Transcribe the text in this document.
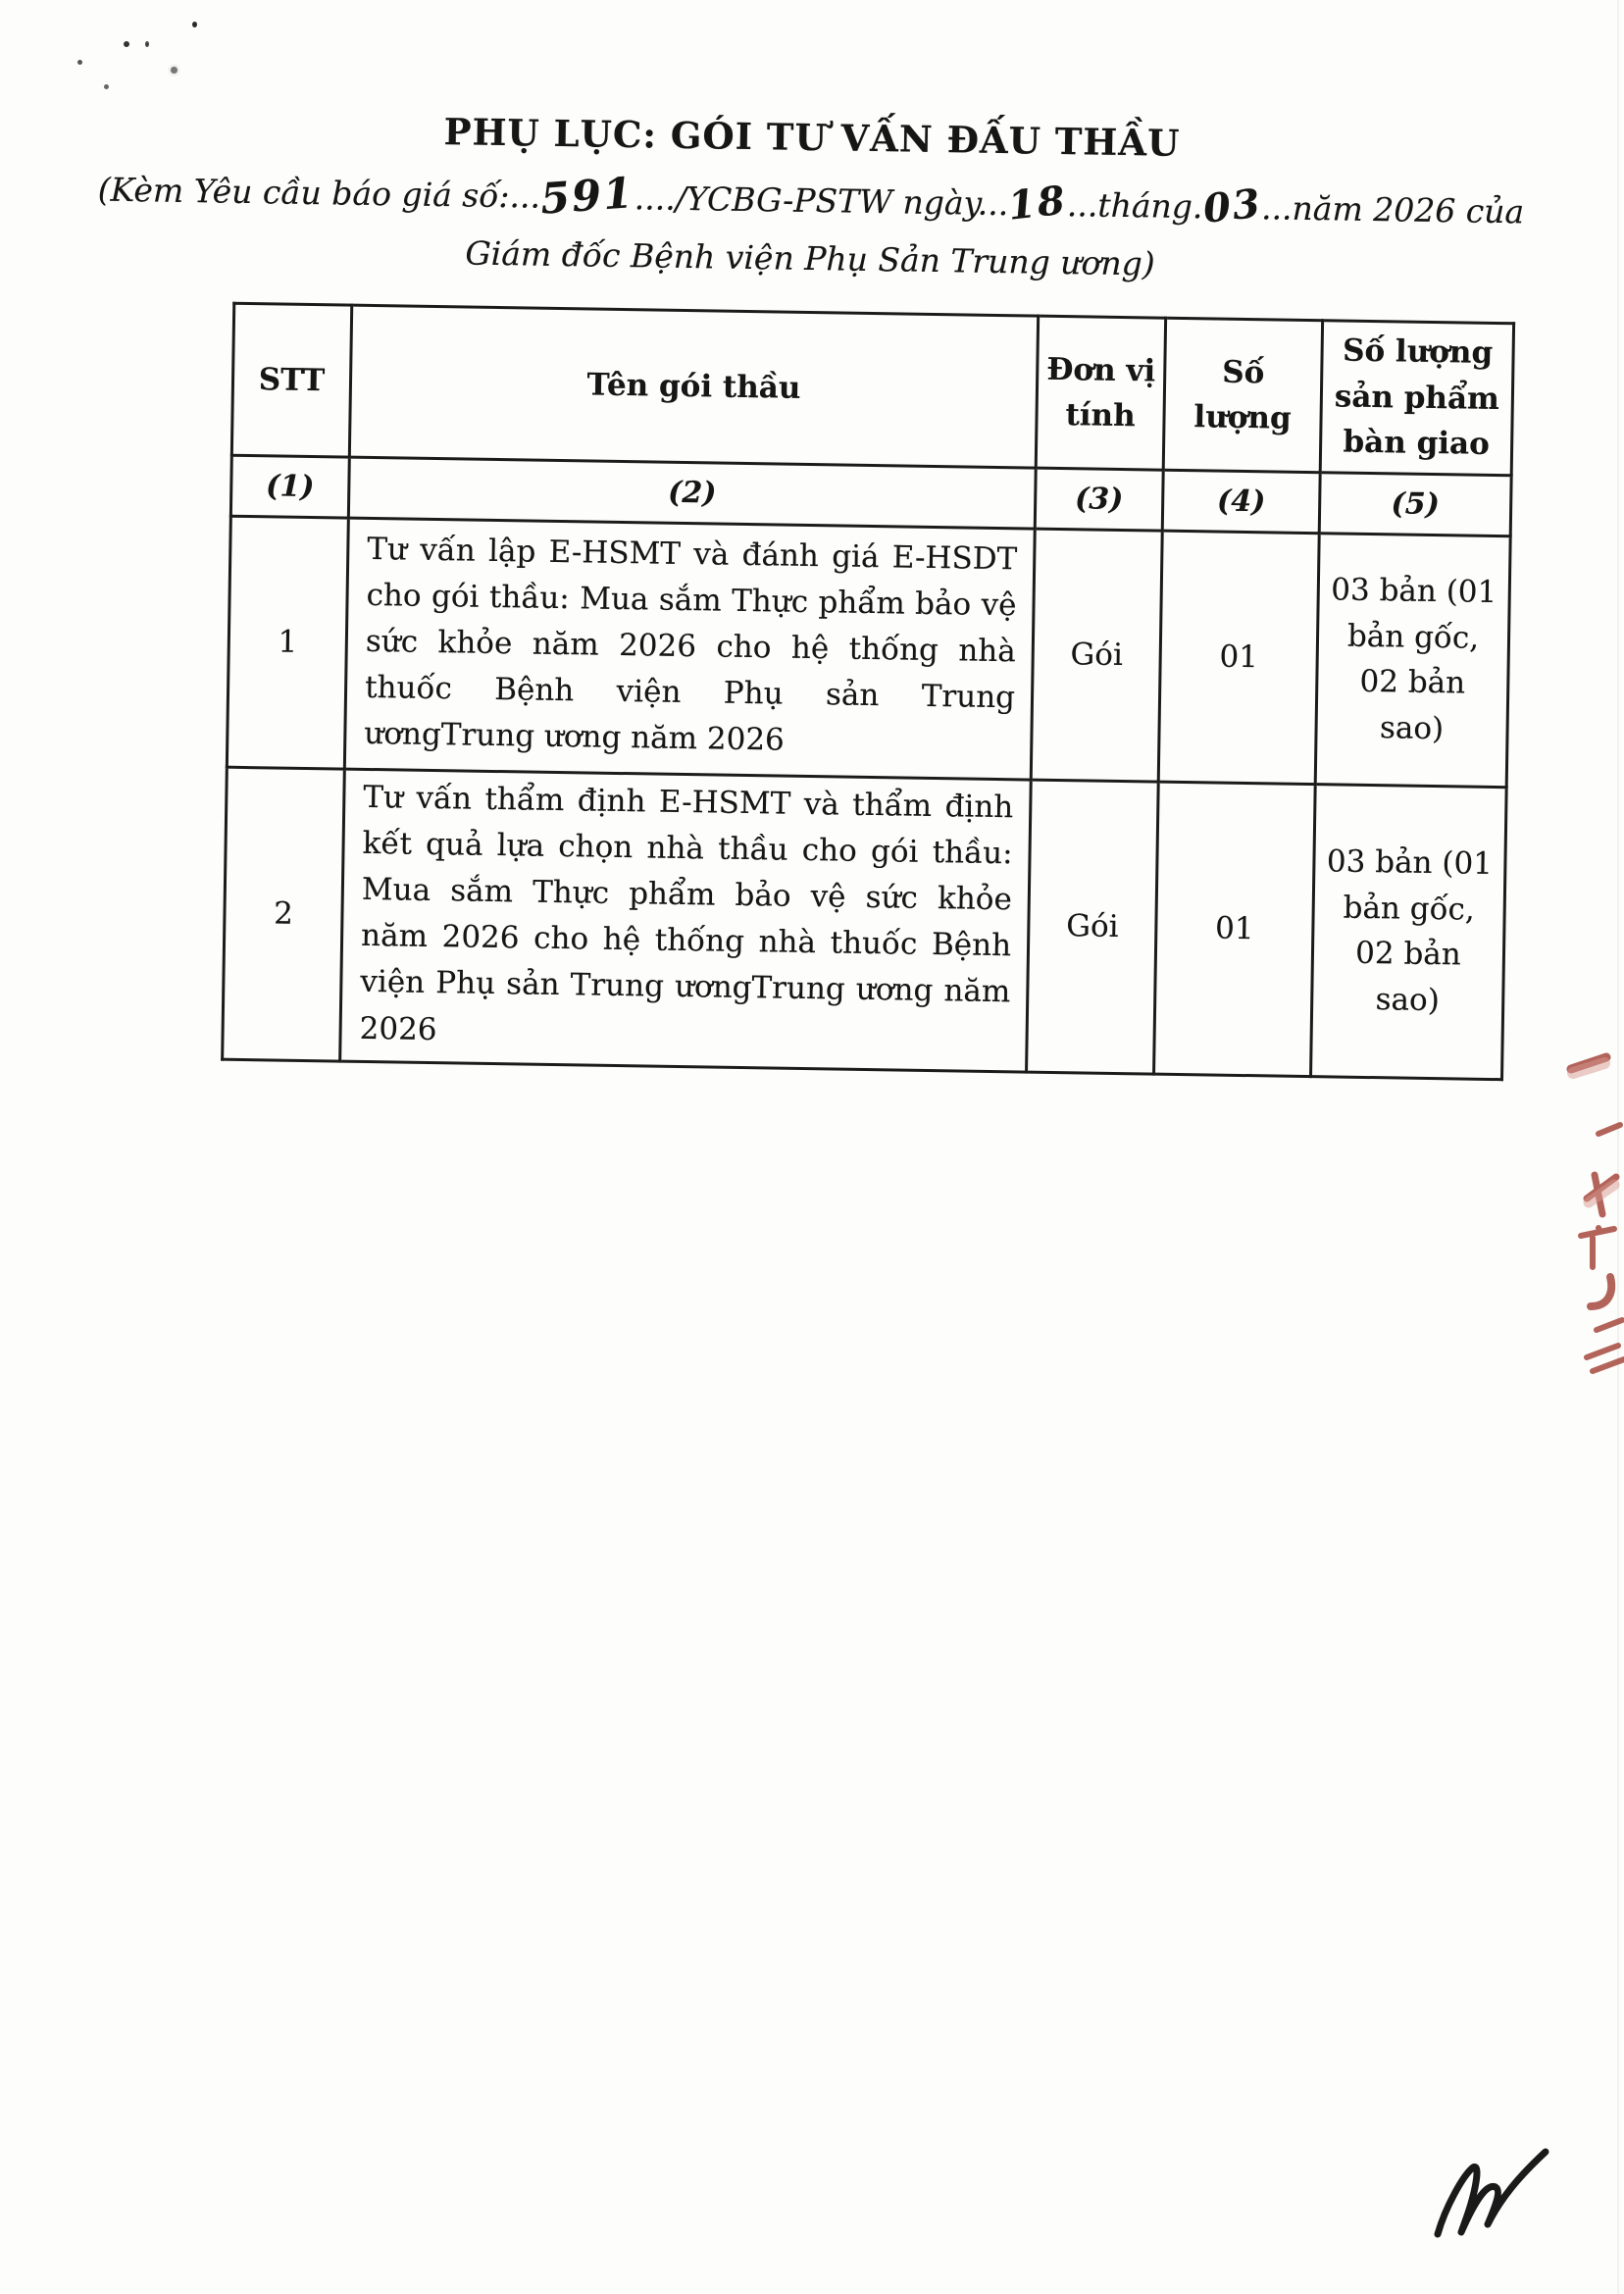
PHỤ LỤC: GÓI TƯ VẤN ĐẤU THẦU
(Kèm Yêu cầu báo giá số:...591..../YCBG-PSTW ngày...18...tháng.03...năm 2026 của
Giám đốc Bệnh viện Phụ Sản Trung ương)
STT	Tên gói thầu	Đơn vị tính	Số lượng	Số lượng sản phẩm bàn giao
(1)	(2)	(3)	(4)	(5)
1	Tư vấn lập E-HSMT và đánh giá E-HSDT cho gói thầu: Mua sắm Thực phẩm bảo vệ sức khỏe năm 2026 cho hệ thống nhà thuốc Bệnh viện Phụ sản Trung ươngTrung ương năm 2026	Gói	01	03 bản (01 bản gốc, 02 bản sao)
2	Tư vấn thẩm định E-HSMT và thẩm định kết quả lựa chọn nhà thầu cho gói thầu: Mua sắm Thực phẩm bảo vệ sức khỏe năm 2026 cho hệ thống nhà thuốc Bệnh viện Phụ sản Trung ươngTrung ương năm 2026	Gói	01	03 bản (01 bản gốc, 02 bản sao)
